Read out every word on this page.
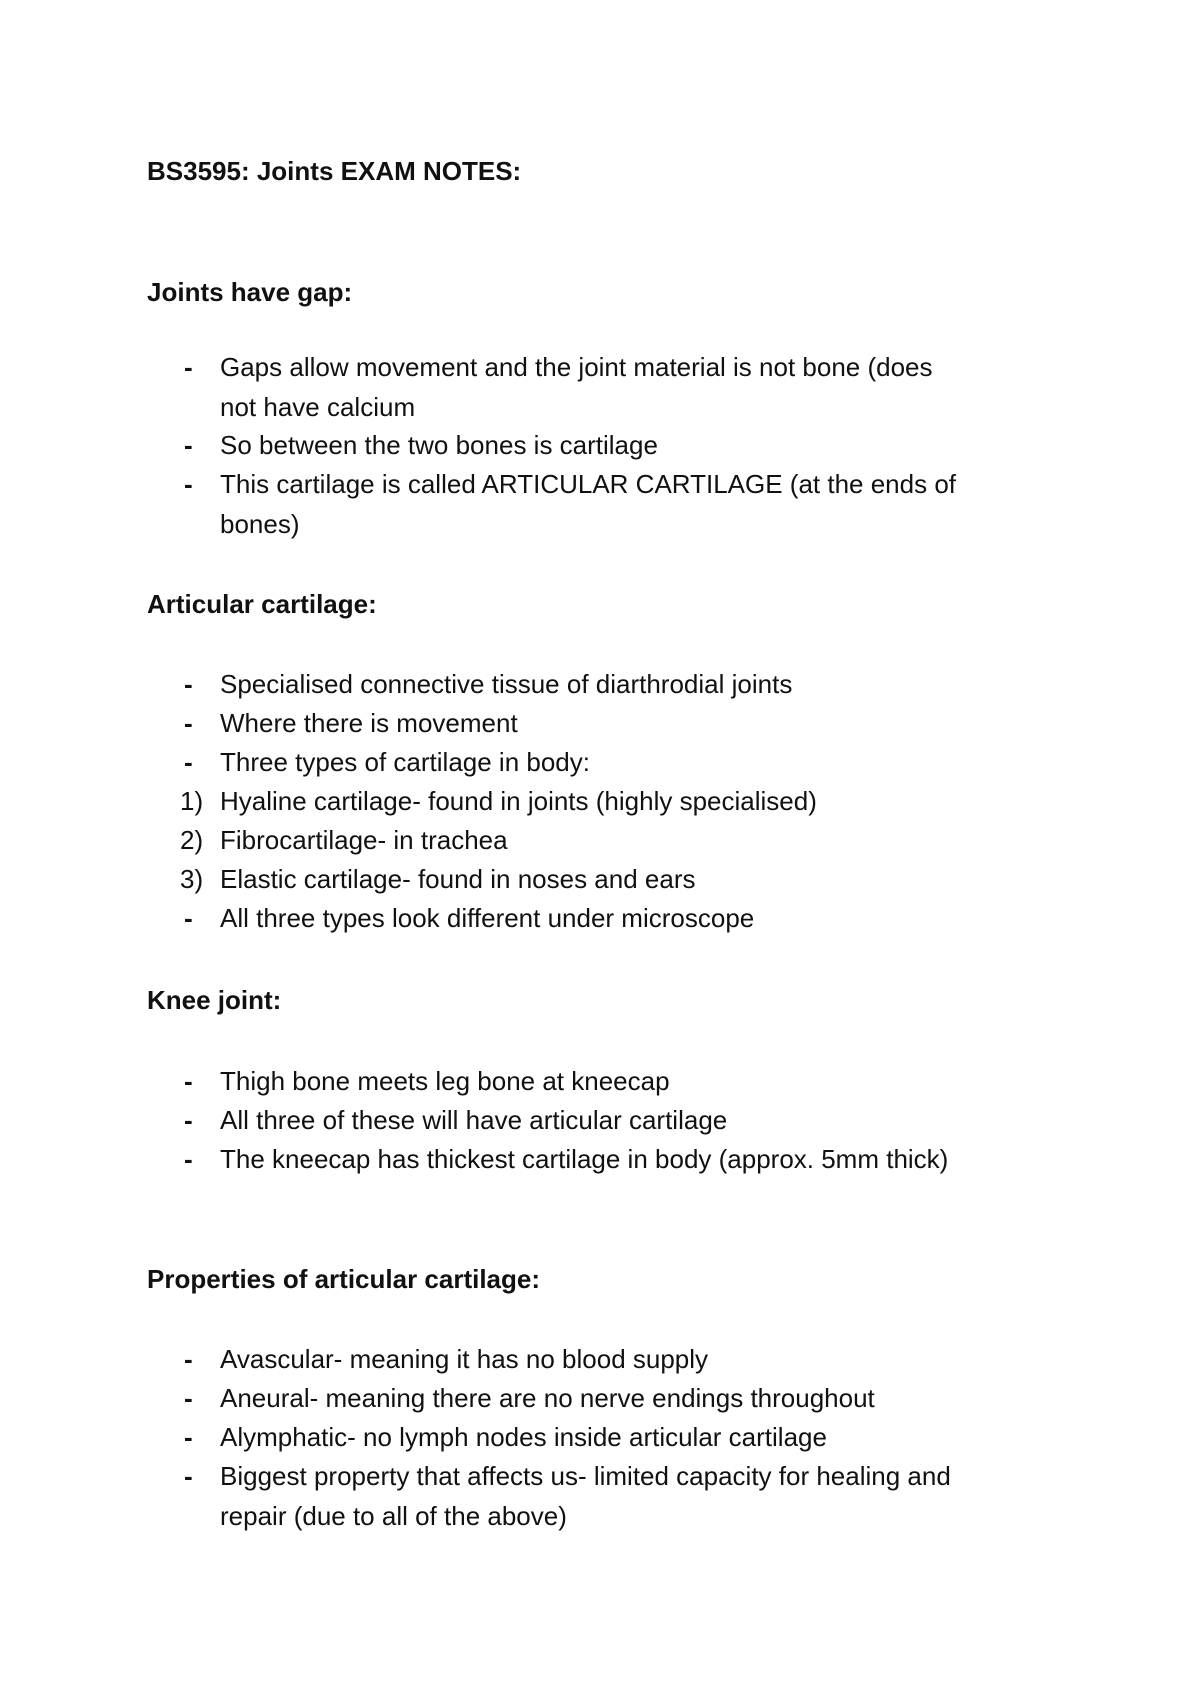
BS3595: Joints EXAM NOTES:
Joints have gap:
-	Gaps allow movement and the joint material is not bone (does
not have calcium
-	So between the two bones is cartilage
-	This cartilage is called ARTICULAR CARTILAGE (at the ends of
bones)
Articular cartilage:
-	Specialised connective tissue of diarthrodial joints
-	Where there is movement
-	Three types of cartilage in body:
1) Hyaline cartilage- found in joints (highly specialised)
2) Fibrocartilage- in trachea
3) Elastic cartilage- found in noses and ears
-	All three types look different under microscope
Knee joint:
-	Thigh bone meets leg bone at kneecap
-	All three of these will have articular cartilage
-	The kneecap has thickest cartilage in body (approx. 5mm thick)
Properties of articular cartilage:
-	Avascular- meaning it has no blood supply
-	Aneural- meaning there are no nerve endings throughout
-	Alymphatic- no lymph nodes inside articular cartilage
-	Biggest property that affects us- limited capacity for healing and
repair (due to all of the above)
